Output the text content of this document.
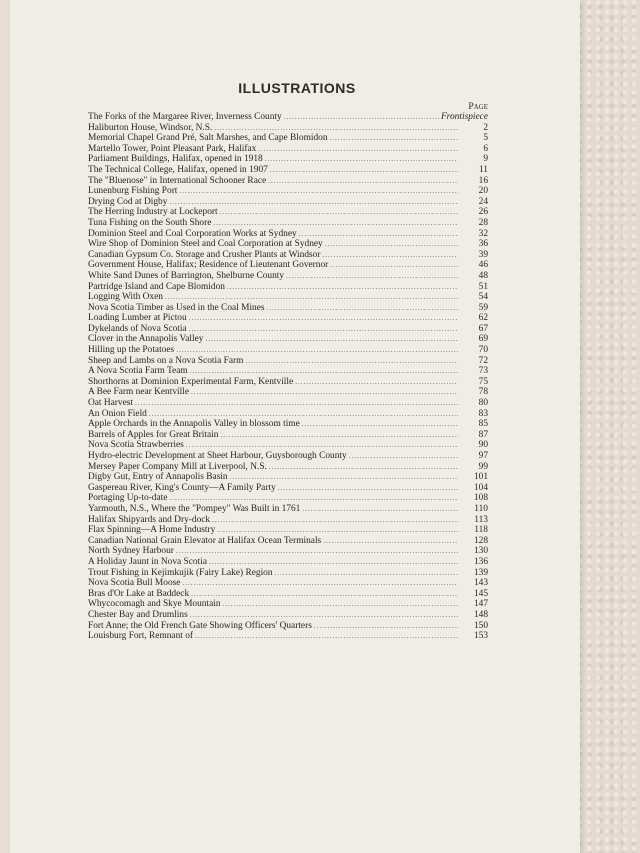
ILLUSTRATIONS
Page
The Forks of the Margaree River, Inverness County .....	Frontispiece
Haliburton House, Windsor, N.S. .....	2
Memorial Chapel Grand Pré, Salt Marshes, and Cape Blomidon .....	5
Martello Tower, Point Pleasant Park, Halifax .....	6
Parliament Buildings, Halifax, opened in 1918 .....	9
The Technical College, Halifax, opened in 1907 .....	11
The "Bluenose" in International Schooner Race .....	16
Lunenburg Fishing Port .....	20
Drying Cod at Digby .....	24
The Herring Industry at Lockeport .....	26
Tuna Fishing on the South Shore .....	28
Dominion Steel and Coal Corporation Works at Sydney .....	32
Wire Shop of Dominion Steel and Coal Corporation at Sydney .....	36
Canadian Gypsum Co. Storage and Crusher Plants at Windsor .....	39
Government House, Halifax; Residence of Lieutenant Governor .....	46
White Sand Dunes of Barrington, Shelburne County .....	48
Partridge Island and Cape Blomidon .....	51
Logging With Oxen .....	54
Nova Scotia Timber as Used in the Coal Mines .....	59
Loading Lumber at Pictou .....	62
Dykelands of Nova Scotia .....	67
Clover in the Annapolis Valley .....	69
Hilling up the Potatoes .....	70
Sheep and Lambs on a Nova Scotia Farm .....	72
A Nova Scotia Farm Team .....	73
Shorthorns at Dominion Experimental Farm, Kentville .....	75
A Bee Farm near Kentville .....	78
Oat Harvest .....	80
An Onion Field .....	83
Apple Orchards in the Annapolis Valley in blossom time .....	85
Barrels of Apples for Great Britain .....	87
Nova Scotia Strawberries .....	90
Hydro-electric Development at Sheet Harbour, Guysborough County .....	97
Mersey Paper Company Mill at Liverpool, N.S. .....	99
Digby Gut, Entry of Annapolis Basin .....	101
Gaspereau River, King's County—A Family Party .....	104
Portaging Up-to-date .....	108
Yarmouth, N.S., Where the "Pompey" Was Built in 1761 .....	110
Halifax Shipyards and Dry-dock .....	113
Flax Spinning—A Home Industry .....	118
Canadian National Grain Elevator at Halifax Ocean Terminals .....	128
North Sydney Harbour .....	130
A Holiday Jaunt in Nova Scotia .....	136
Trout Fishing in Kejimkujik (Fairy Lake) Region .....	139
Nova Scotia Bull Moose .....	143
Bras d'Or Lake at Baddeck .....	145
Whycocomagh and Skye Mountain .....	147
Chester Bay and Drumlins .....	148
Fort Anne; the Old French Gate Showing Officers' Quarters .....	150
Louisburg Fort, Remnant of .....	153
